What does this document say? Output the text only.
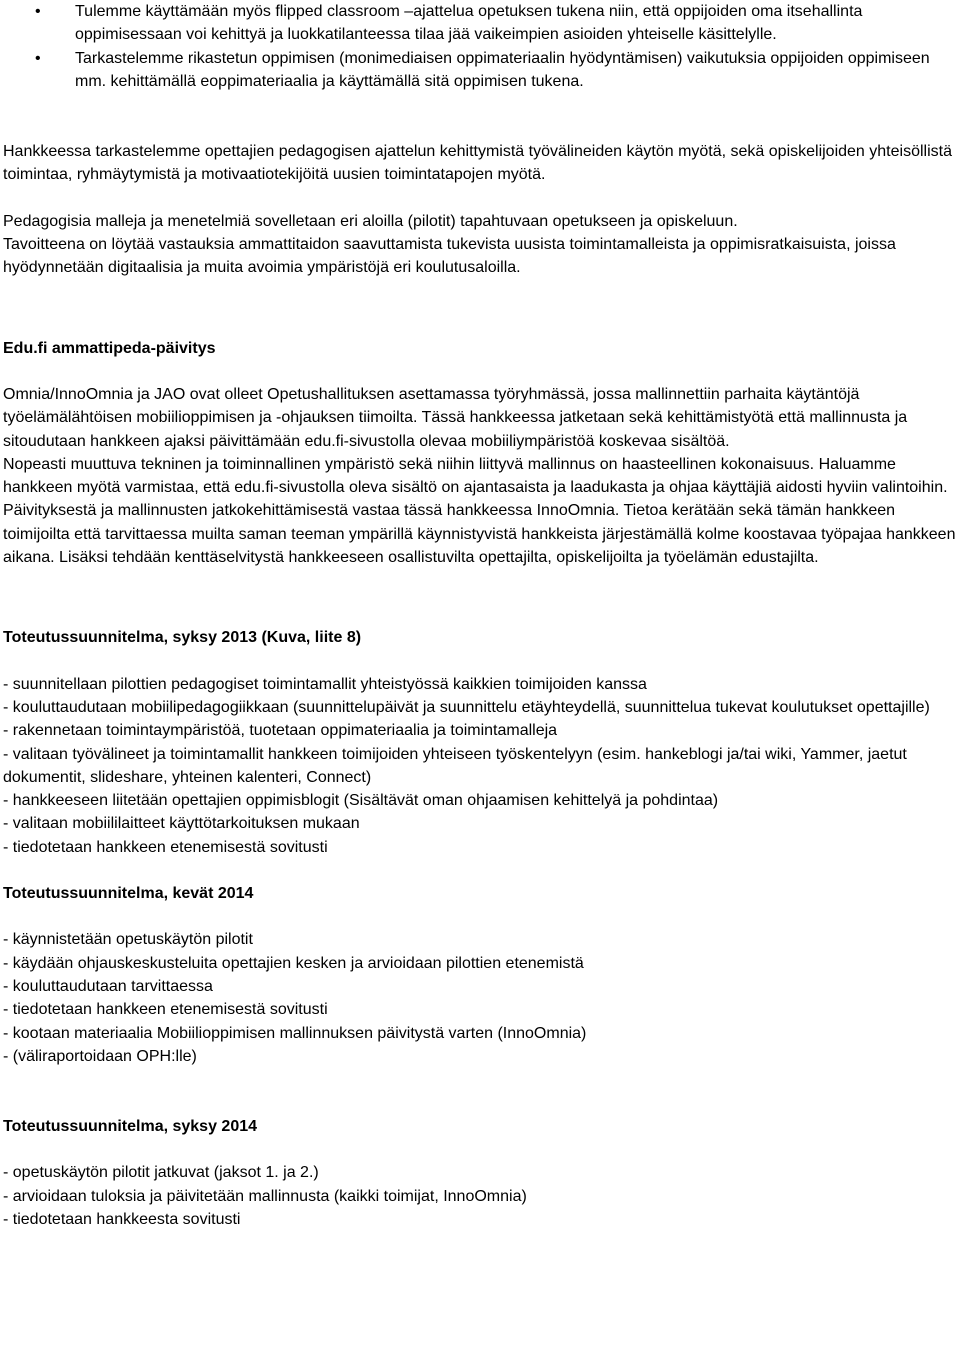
• Tulemme käyttämään myös flipped classroom –ajattelua opetuksen tukena niin, että oppijoiden oma itsehallinta oppimisessaan voi kehittyä ja luokkatilanteessa tilaa jää vaikeimpien asioiden yhteiselle käsittelylle.
• Tarkastelemme rikastetun oppimisen (monimediaisen oppimateriaalin hyödyntämisen) vaikutuksia oppijoiden oppimiseen mm. kehittämällä eoppimateriaalia ja käyttämällä sitä oppimisen tukena.

Hankkeessa tarkastelemme opettajien pedagogisen ajattelun kehittymistä työvälineiden käytön myötä, sekä opiskelijoiden yhteisöllistä toimintaa, ryhmäytymistä ja motivaatiotekijöitä uusien toimintatapojen myötä.

Pedagogisia malleja ja menetelmiä sovelletaan eri aloilla (pilotit) tapahtuvaan opetukseen ja opiskeluun.

Tavoitteena on löytää vastauksia ammattitaidon saavuttamista tukevista uusista toimintamalleista ja oppimisratkaisuista, joissa hyödynnetään digitaalisia ja muita avoimia ympäristöjä eri koulutusaloilla.

Edu.fi ammattipeda-päivitys

Omnia/InnoOmnia ja JAO ovat olleet Opetushallituksen asettamassa työryhmässä, jossa mallinnettiin parhaita käytäntöjä työelämälähtöisen mobiilioppimisen ja -ohjauksen tiimoilta. Tässä hankkeessa jatketaan sekä kehittämistyötä että mallinnusta ja sitoudutaan hankkeen ajaksi päivittämään edu.fi-sivustolla olevaa mobiiliympäristöä koskevaa sisältöä.

Nopeasti muuttuva tekninen ja toiminnallinen ympäristö sekä niihin liittyvä mallinnus on haasteellinen kokonaisuus. Haluamme hankkeen myötä varmistaa, että edu.fi-sivustolla oleva sisältö on ajantasaista ja laadukasta ja ohjaa käyttäjiä aidosti hyviin valintoihin.

Päivityksestä ja mallinnusten jatkokehittämisestä vastaa tässä hankkeessa InnoOmnia. Tietoa kerätään sekä tämän hankkeen toimijoilta että tarvittaessa muilta saman teeman ympärillä käynnistyvistä hankkeista järjestämällä kolme koostavaa työpajaa hankkeen aikana. Lisäksi tehdään kenttäselvitystä hankkeeseen osallistuvilta opettajilta, opiskelijoilta ja työelämän edustajilta.

Toteutussuunnitelma, syksy 2013 (Kuva, liite 8)

- suunnitellaan pilottien pedagogiset toimintamallit yhteistyössä kaikkien toimijoiden kanssa
- kouluttaudutaan mobiilipedagogiikkaan (suunnittelupäivät ja suunnittelu etäyhteydellä, suunnittelua tukevat koulutukset opettajille)
- rakennetaan toimintaympäristöä, tuotetaan oppimateriaalia ja toimintamalleja
- valitaan työvälineet ja toimintamallit hankkeen toimijoiden yhteiseen työskentelyyn (esim. hankeblogi ja/tai wiki, Yammer, jaetut dokumentit, slideshare, yhteinen kalenteri, Connect)
- hankkeeseen liitetään opettajien oppimisblogit (Sisältävät oman ohjaamisen kehittelyä ja pohdintaa)
- valitaan mobiililaitteet käyttötarkoituksen mukaan
- tiedotetaan hankkeen etenemisestä sovitusti

Toteutussuunnitelma, kevät 2014

- käynnistetään opetuskäytön pilotit
- käydään ohjauskeskusteluita opettajien kesken ja arvioidaan pilottien etenemistä
- kouluttaudutaan tarvittaessa
- tiedotetaan hankkeen etenemisestä sovitusti
- kootaan materiaalia Mobiilioppimisen mallinnuksen päivitystä varten (InnoOmnia)
- (väliraportoidaan OPH:lle)

Toteutussuunnitelma, syksy 2014

- opetuskäytön pilotit jatkuvat (jaksot 1. ja 2.)
- arvioidaan tuloksia ja päivitetään mallinnusta (kaikki toimijat, InnoOmnia)
- tiedotetaan hankkeesta sovitusti
